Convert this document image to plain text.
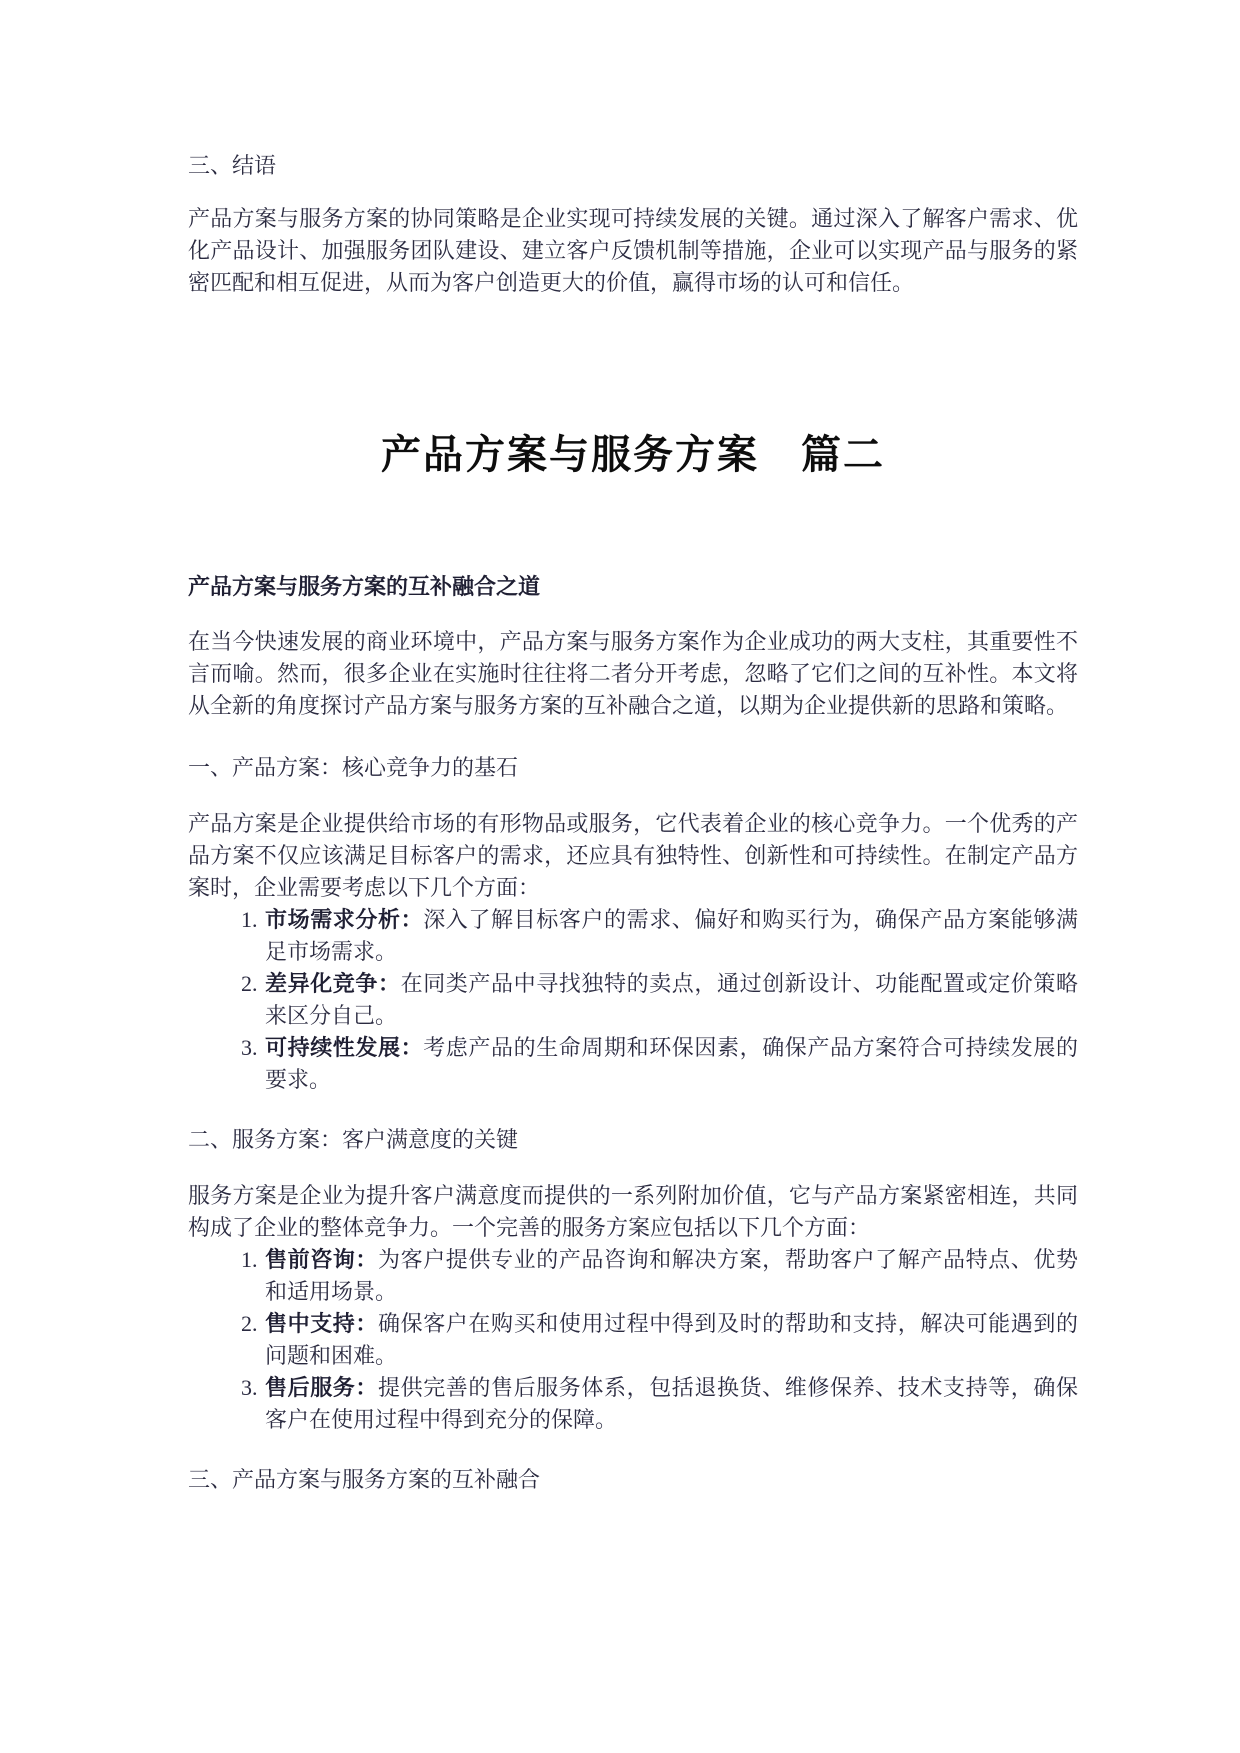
三、结语

产品方案与服务方案的协同策略是企业实现可持续发展的关键。通过深入了解客户需求、优化产品设计、加强服务团队建设、建立客户反馈机制等措施，企业可以实现产品与服务的紧密匹配和相互促进，从而为客户创造更大的价值，赢得市场的认可和信任。

产品方案与服务方案　篇二
产品方案与服务方案的互补融合之道

在当今快速发展的商业环境中，产品方案与服务方案作为企业成功的两大支柱，其重要性不言而喻。然而，很多企业在实施时往往将二者分开考虑，忽略了它们之间的互补性。本文将从全新的角度探讨产品方案与服务方案的互补融合之道，以期为企业提供新的思路和策略。

一、产品方案：核心竞争力的基石

产品方案是企业提供给市场的有形物品或服务，它代表着企业的核心竞争力。一个优秀的产品方案不仅应该满足目标客户的需求，还应具有独特性、创新性和可持续性。在制定产品方案时，企业需要考虑以下几个方面：

1. 市场需求分析：深入了解目标客户的需求、偏好和购买行为，确保产品方案能够满足市场需求。
2. 差异化竞争：在同类产品中寻找独特的卖点，通过创新设计、功能配置或定价策略来区分自己。
3. 可持续性发展：考虑产品的生命周期和环保因素，确保产品方案符合可持续发展的要求。
二、服务方案：客户满意度的关键

服务方案是企业为提升客户满意度而提供的一系列附加价值，它与产品方案紧密相连，共同构成了企业的整体竞争力。一个完善的服务方案应包括以下几个方面：

1. 售前咨询：为客户提供专业的产品咨询和解决方案，帮助客户了解产品特点、优势和适用场景。
2. 售中支持：确保客户在购买和使用过程中得到及时的帮助和支持，解决可能遇到的问题和困难。
3. 售后服务：提供完善的售后服务体系，包括退换货、维修保养、技术支持等，确保客户在使用过程中得到充分的保障。
三、产品方案与服务方案的互补融合
